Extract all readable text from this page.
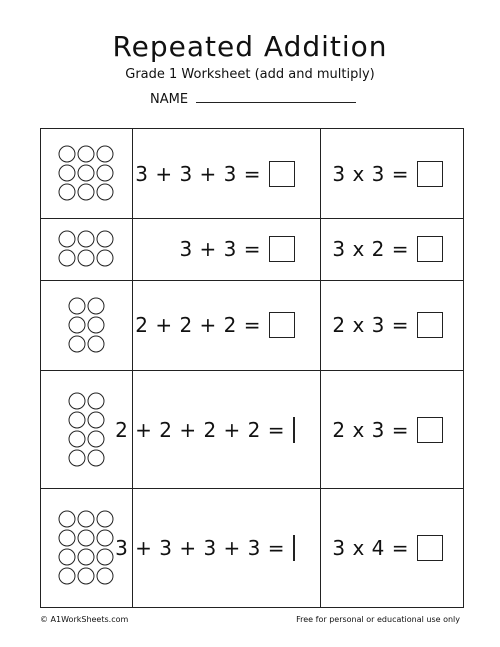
Repeated Addition
Grade 1 Worksheet (add and multiply)
NAME

3 + 3 + 3 =	3 x 3 =

3 + 3 =	3 x 2 =

2 + 2 + 2 =	2 x 3 =

2 + 2 + 2 + 2 =	2 x 3 =

3 + 3 + 3 + 3 =	3 x 4 =
© A1WorkSheets.com	Free for personal or educational use only
